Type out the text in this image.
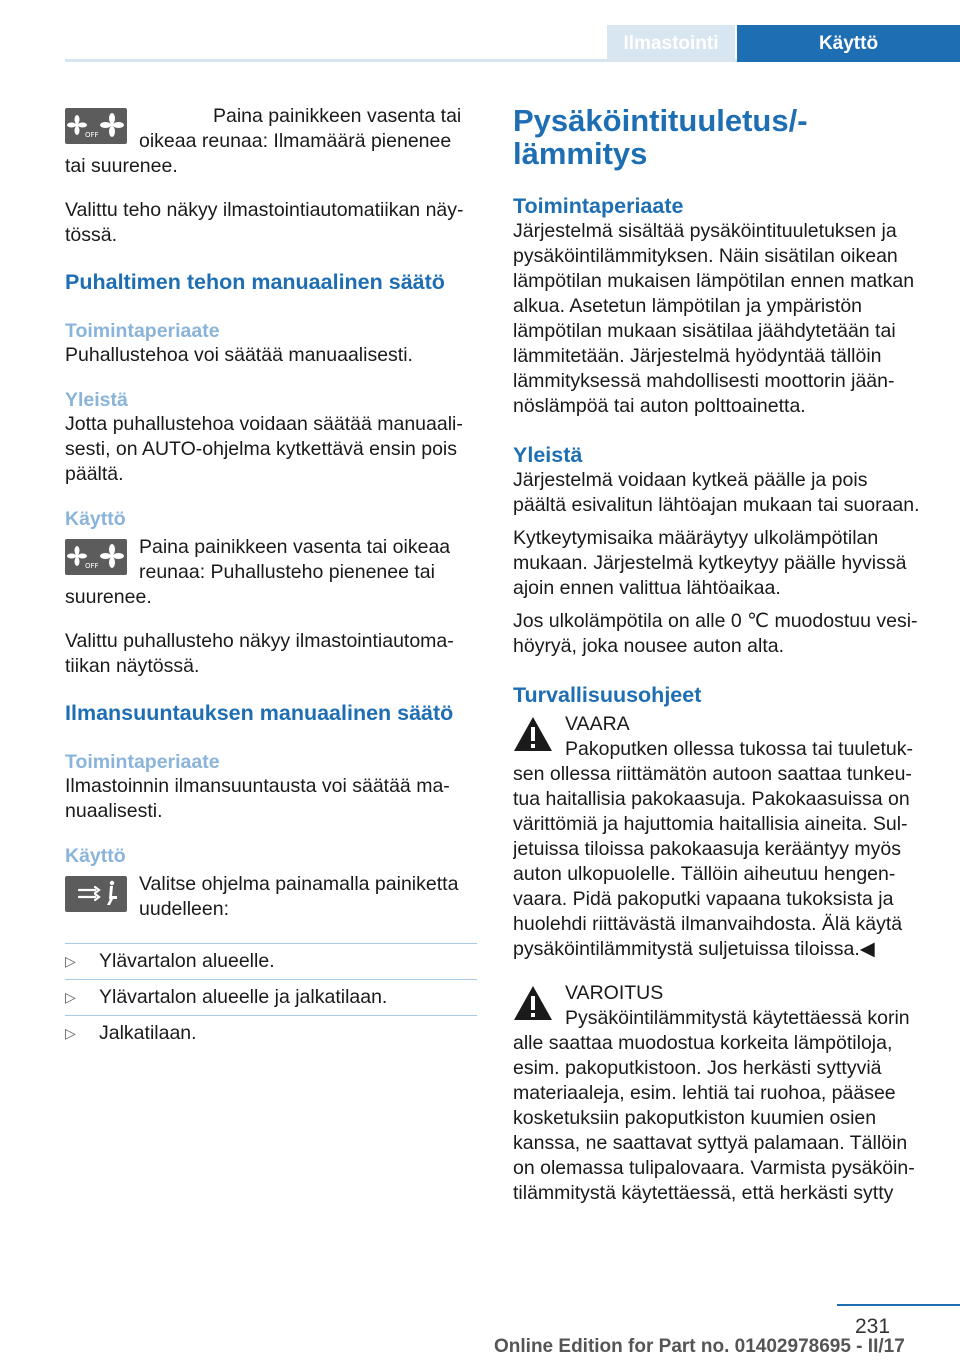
Ilmastointi	Käyttö
OFF

Paina painikkeen vasenta tai oikeaa reunaa: Ilmamäärä pienenee tai suurenee.

Valittu teho näkyy ilmastointiautomatiikan näytössä.

Puhaltimen tehon manuaalinen säätö
Toimintaperiaate

Puhallustehoa voi säätää manuaalisesti.

Yleistä

Jotta puhallustehoa voidaan säätää manuaalisesti, on AUTO-ohjelma kytkettävä ensin pois päältä.

Käyttö
OFF

Paina painikkeen vasenta tai oikeaa reunaa: Puhallusteho pienenee tai suurenee.

Valittu puhallusteho näkyy ilmastointiautomatiikan näytössä.

Ilmansuuntauksen manuaalinen säätö
Toimintaperiaate

Ilmastoinnin ilmansuuntausta voi säätää manuaalisesti.

Käyttö

Valitse ohjelma painamalla painiketta uudelleen:

▷	Ylävartalon alueelle.
▷	Ylävartalon alueelle ja jalkatilaan.
▷	Jalkatilaan.
Pysäköintituuletus/lämmitys
Toimintaperiaate

Järjestelmä sisältää pysäköintituuletuksen ja pysäköintilämmityksen. Näin sisätilan oikean lämpötilan mukaisen lämpötilan ennen matkan alkua. Asetetun lämpötilan ja ympäristön lämpötilan mukaan sisätilaa jäähdytetään tai lämmitetään. Järjestelmä hyödyntää tällöin lämmityksessä mahdollisesti moottorin jäännöslämpöä tai auton polttoainetta.

Yleistä

Järjestelmä voidaan kytkeä päälle ja pois päältä esivalitun lähtöajan mukaan tai suoraan.

Kytkeytymisaika määräytyy ulkolämpötilan mukaan. Järjestelmä kytkeytyy päälle hyvissä ajoin ennen valittua lähtöaikaa.

Jos ulkolämpötila on alle 0 ℃ muodostuu vesihöyryä, joka nousee auton alta.

Turvallisuusohjeet

VAARA

Pakoputken ollessa tukossa tai tuuletuksen ollessa riittämätön autoon saattaa tunkeutua haitallisia pakokaasuja. Pakokaasuissa on värittömiä ja hajuttomia haitallisia aineita. Suljetuissa tiloissa pakokaasuja kerääntyy myös auton ulkopuolelle. Tällöin aiheutuu hengenvaara. Pidä pakoputki vapaana tukoksista ja huolehdi riittävästä ilmanvaihdosta. Älä käytä pysäköintilämmitystä suljetuissa tiloissa.◀

VAROITUS

Pysäköintilämmitystä käytettäessä korin alle saattaa muodostua korkeita lämpötiloja, esim. pakoputkistoon. Jos herkästi syttyviä materiaaleja, esim. lehtiä tai ruohoa, pääsee kosketuksiin pakoputkiston kuumien osien kanssa, ne saattavat syttyä palamaan. Tällöin on olemassa tulipalovaara. Varmista pysäköintilämmitystä käytettäessä, että herkästi sytty

231
Online Edition for Part no. 01402978695 - II/17
